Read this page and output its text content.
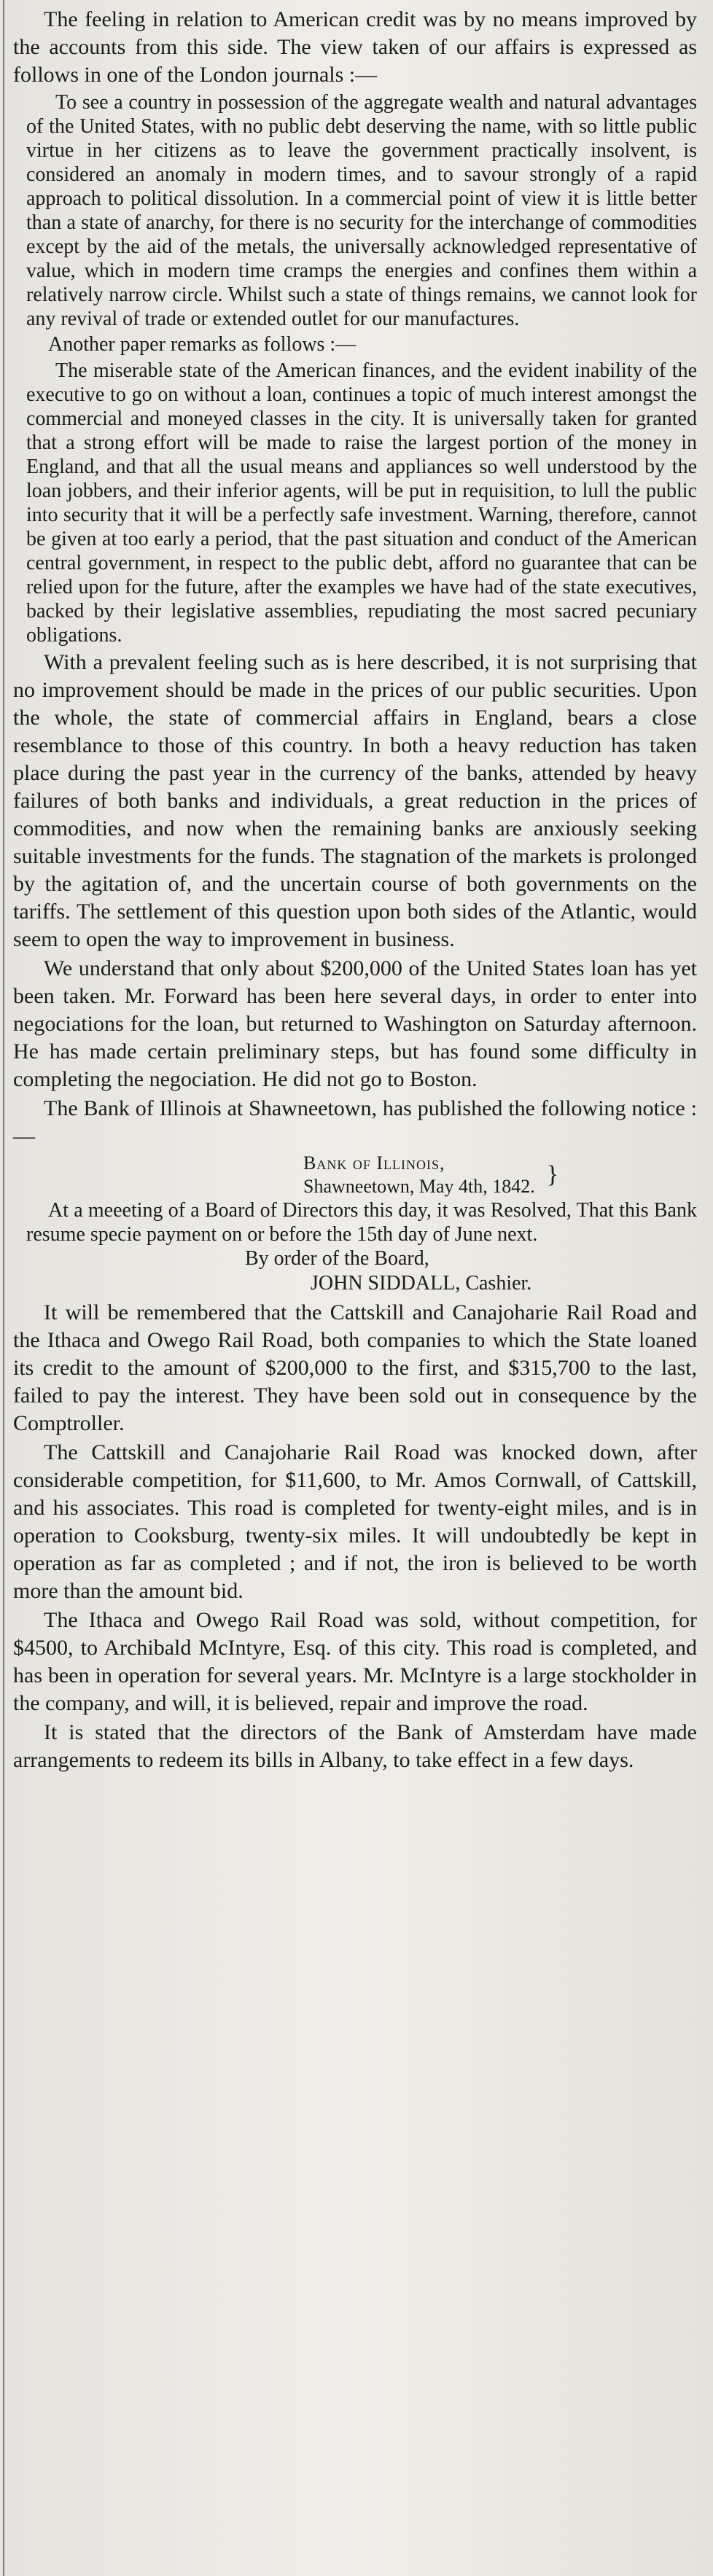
The feeling in relation to American credit was by no means improved by the accounts from this side. The view taken of our affairs is expressed as follows in one of the London journals :—

To see a country in possession of the aggregate wealth and natural advantages of the United States, with no public debt deserving the name, with so little public virtue in her citizens as to leave the government practically insolvent, is considered an anomaly in modern times, and to savour strongly of a rapid approach to political dissolution. In a commercial point of view it is little better than a state of anarchy, for there is no security for the interchange of commodities except by the aid of the metals, the universally acknowledged representative of value, which in modern time cramps the energies and confines them within a relatively narrow circle. Whilst such a state of things remains, we cannot look for any revival of trade or extended outlet for our manufactures.

Another paper remarks as follows :—

The miserable state of the American finances, and the evident inability of the executive to go on without a loan, continues a topic of much interest amongst the commercial and moneyed classes in the city. It is universally taken for granted that a strong effort will be made to raise the largest portion of the money in England, and that all the usual means and appliances so well understood by the loan jobbers, and their inferior agents, will be put in requisition, to lull the public into security that it will be a perfectly safe investment. Warning, therefore, cannot be given at too early a period, that the past situation and conduct of the American central government, in respect to the public debt, afford no guarantee that can be relied upon for the future, after the examples we have had of the state executives, backed by their legislative assemblies, repudiating the most sacred pecuniary obligations.

With a prevalent feeling such as is here described, it is not surprising that no improvement should be made in the prices of our public securities. Upon the whole, the state of commercial affairs in England, bears a close resemblance to those of this country. In both a heavy reduction has taken place during the past year in the currency of the banks, attended by heavy failures of both banks and individuals, a great reduction in the prices of commodities, and now when the remaining banks are anxiously seeking suitable investments for the funds. The stagnation of the markets is prolonged by the agitation of, and the uncertain course of both governments on the tariffs. The settlement of this question upon both sides of the Atlantic, would seem to open the way to improvement in business.

We understand that only about $200,000 of the United States loan has yet been taken. Mr. Forward has been here several days, in order to enter into negociations for the loan, but returned to Washington on Saturday afternoon. He has made certain preliminary steps, but has found some difficulty in completing the negociation. He did not go to Boston.

The Bank of Illinois at Shawneetown, has published the following notice :—

Bank of Illinois,
Shawneetown, May 4th, 1842. }

At a meeeting of a Board of Directors this day, it was Resolved, That this Bank resume specie payment on or before the 15th day of June next.

By order of the Board,
JOHN SIDDALL, Cashier.

It will be remembered that the Cattskill and Canajoharie Rail Road and the Ithaca and Owego Rail Road, both companies to which the State loaned its credit to the amount of $200,000 to the first, and $315,700 to the last, failed to pay the interest. They have been sold out in consequence by the Comptroller.

The Cattskill and Canajoharie Rail Road was knocked down, after considerable competition, for $11,600, to Mr. Amos Cornwall, of Cattskill, and his associates. This road is completed for twenty-eight miles, and is in operation to Cooksburg, twenty-six miles. It will undoubtedly be kept in operation as far as completed ; and if not, the iron is believed to be worth more than the amount bid.

The Ithaca and Owego Rail Road was sold, without competition, for $4500, to Archibald McIntyre, Esq. of this city. This road is completed, and has been in operation for several years. Mr. McIntyre is a large stockholder in the company, and will, it is believed, repair and improve the road.

It is stated that the directors of the Bank of Amsterdam have made arrangements to redeem its bills in Albany, to take effect in a few days.
